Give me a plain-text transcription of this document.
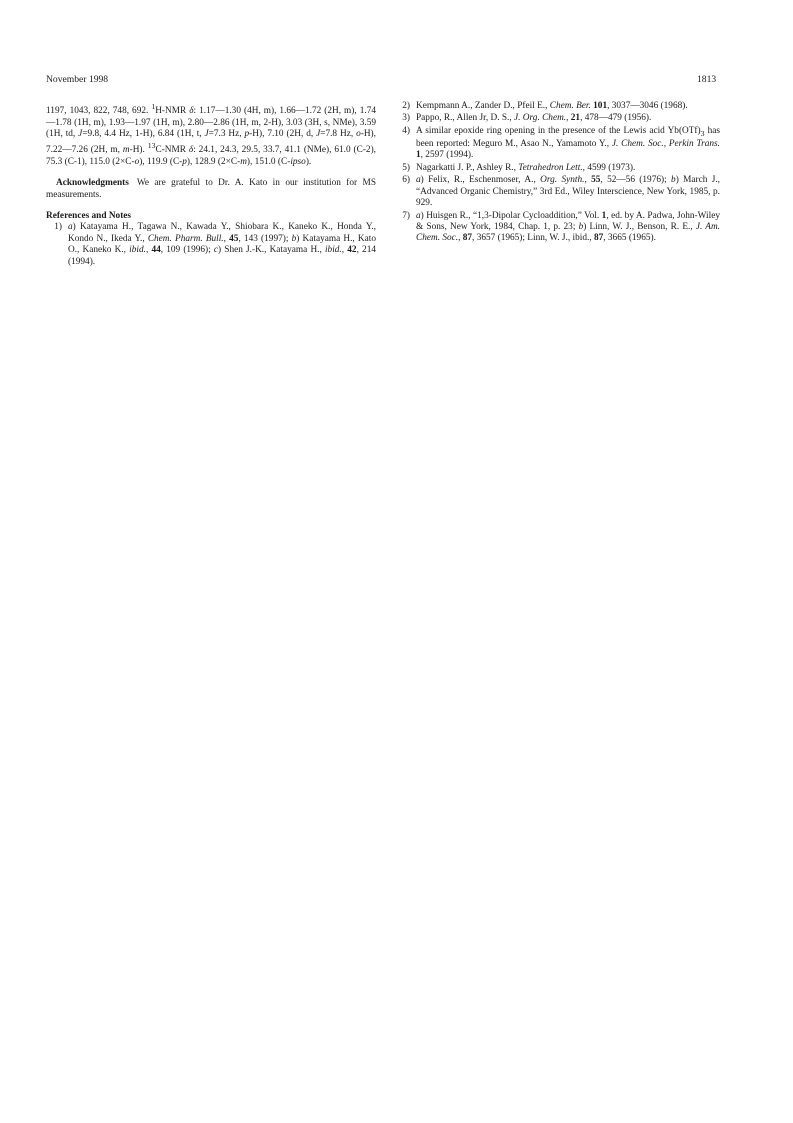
November 1998	1813
1197, 1043, 822, 748, 692. $^1$H-NMR δ: 1.17—1.30 (4H, m), 1.66—1.72 (2H, m), 1.74—1.78 (1H, m), 1.93—1.97 (1H, m), 2.80—2.86 (1H, m, 2-H), 3.03 (3H, s, NMe), 3.59 (1H, td, J=9.8, 4.4 Hz, 1-H), 6.84 (1H, t, J=7.3 Hz, p-H), 7.10 (2H, d, J=7.8 Hz, o-H), 7.22—7.26 (2H, m, m-H). $^{13}$C-NMR δ: 24.1, 24.3, 29.5, 33.7, 41.1 (NMe), 61.0 (C-2), 75.3 (C-1), 115.0 (2×C-o), 119.9 (C-p), 128.9 (2×C-m), 151.0 (C-ipso).
Acknowledgments We are grateful to Dr. A. Kato in our institution for MS measurements.
References and Notes
1) a) Katayama H., Tagawa N., Kawada Y., Shiobara K., Kaneko K., Honda Y., Kondo N., Ikeda Y., Chem. Pharm. Bull., 45, 143 (1997); b) Katayama H., Kato O., Kaneko K., ibid., 44, 109 (1996); c) Shen J.-K., Katayama H., ibid., 42, 214 (1994).
2) Kempmann A., Zander D., Pfeil E., Chem. Ber. 101, 3037—3046 (1968).
3) Pappo, R., Allen Jr, D. S., J. Org. Chem., 21, 478—479 (1956).
4) A similar epoxide ring opening in the presence of the Lewis acid $Yb(OTf)_3$ has been reported: Meguro M., Asao N., Yamamoto Y., J. Chem. Soc., Perkin Trans. 1, 2597 (1994).
5) Nagarkatti J. P., Ashley R., Tetrahedron Lett., 4599 (1973).
6) a) Felix, R., Eschenmoser, A., Org. Synth., 55, 52—56 (1976); b) March J., “Advanced Organic Chemistry,” 3rd Ed., Wiley Interscience, New York, 1985, p. 929.
7) a) Huisgen R., “1,3-Dipolar Cycloaddition,” Vol. 1, ed. by A. Padwa, John-Wiley & Sons, New York, 1984, Chap. 1, p. 23; b) Linn, W. J., Benson, R. E., J. Am. Chem. Soc., 87, 3657 (1965); Linn, W. J., ibid., 87, 3665 (1965).
